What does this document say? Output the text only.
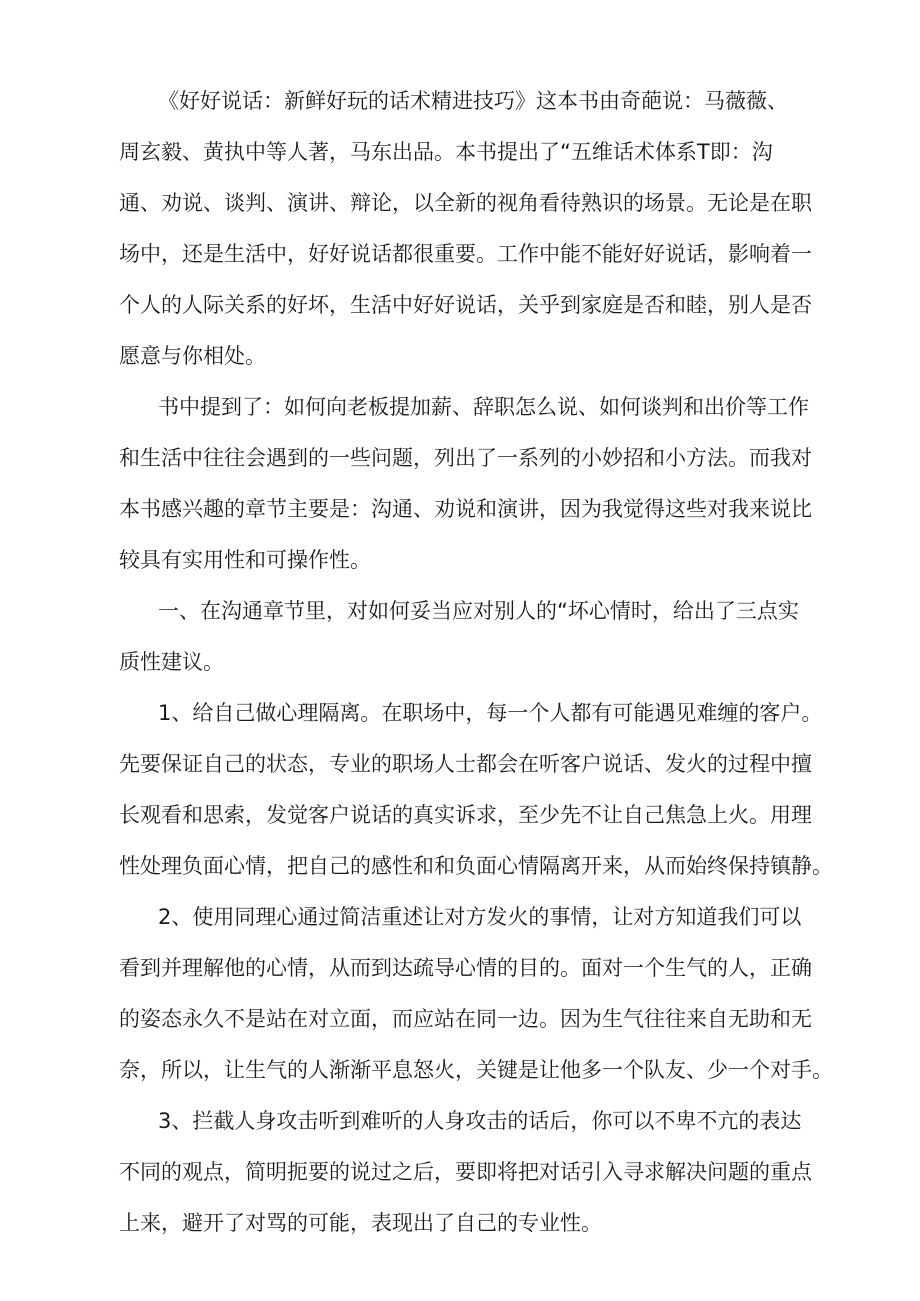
《好好说话：新鲜好玩的话术精进技巧》这本书由奇葩说：马薇薇、

周玄毅、黄执中等人著，马东出品。本书提出了“五维话术体系T即：沟

通、劝说、谈判、演讲、辩论，以全新的视角看待熟识的场景。无论是在职

场中，还是生活中，好好说话都很重要。工作中能不能好好说话，影响着一

个人的人际关系的好坏，生活中好好说话，关乎到家庭是否和睦，别人是否

愿意与你相处。

书中提到了：如何向老板提加薪、辞职怎么说、如何谈判和出价等工作

和生活中往往会遇到的一些问题，列出了一系列的小妙招和小方法。而我对

本书感兴趣的章节主要是：沟通、劝说和演讲，因为我觉得这些对我来说比

较具有实用性和可操作性。

一、在沟通章节里，对如何妥当应对别人的“坏心情时，给出了三点实

质性建议。

1、给自己做心理隔离。在职场中，每一个人都有可能遇见难缠的客户。

先要保证自己的状态，专业的职场人士都会在听客户说话、发火的过程中擅

长观看和思索，发觉客户说话的真实诉求，至少先不让自己焦急上火。用理

性处理负面心情，把自己的感性和和负面心情隔离开来，从而始终保持镇静。

2、使用同理心通过简洁重述让对方发火的事情，让对方知道我们可以

看到并理解他的心情，从而到达疏导心情的目的。面对一个生气的人，正确

的姿态永久不是站在对立面，而应站在同一边。因为生气往往来自无助和无

奈，所以，让生气的人渐渐平息怒火，关键是让他多一个队友、少一个对手。

3、拦截人身攻击听到难听的人身攻击的话后，你可以不卑不亢的表达

不同的观点，简明扼要的说过之后，要即将把对话引入寻求解决问题的重点

上来，避开了对骂的可能，表现出了自己的专业性。
